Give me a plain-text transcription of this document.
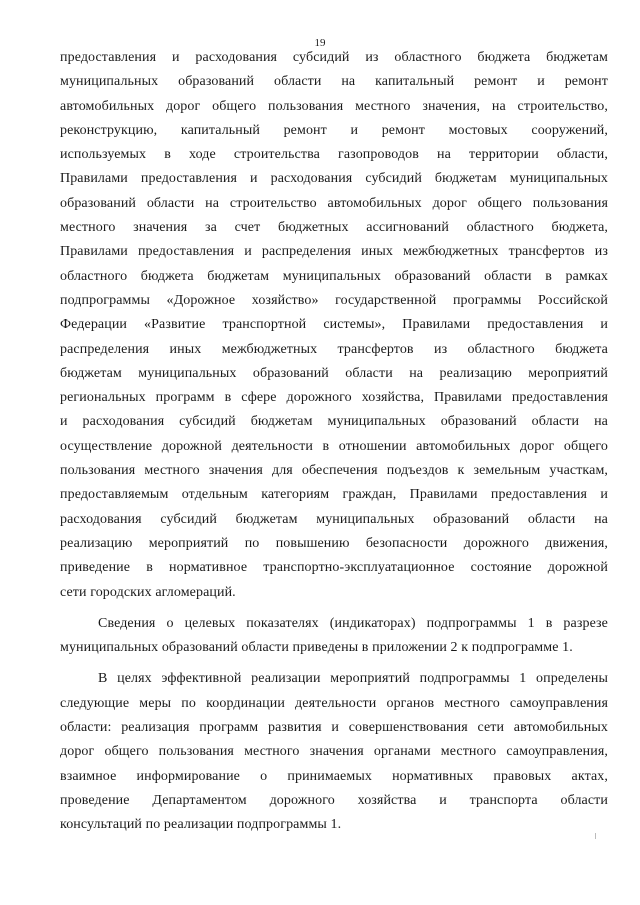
19
предоставления и расходования субсидий из областного бюджета бюджетам
муниципальных образований области на капитальный ремонт и ремонт
автомобильных дорог общего пользования местного значения, на строительство,
реконструкцию, капитальный ремонт и ремонт мостовых сооружений,
используемых в ходе строительства газопроводов на территории области,
Правилами предоставления и расходования субсидий бюджетам муниципальных
образований области на строительство автомобильных дорог общего пользования
местного значения за счет бюджетных ассигнований областного бюджета,
Правилами предоставления и распределения иных межбюджетных трансфертов из
областного бюджета бюджетам муниципальных образований области в рамках
подпрограммы «Дорожное хозяйство» государственной программы Российской
Федерации «Развитие транспортной системы», Правилами предоставления и
распределения иных межбюджетных трансфертов из областного бюджета
бюджетам муниципальных образований области на реализацию мероприятий
региональных программ в сфере дорожного хозяйства, Правилами предоставления
и расходования субсидий бюджетам муниципальных образований области на
осуществление дорожной деятельности в отношении автомобильных дорог общего
пользования местного значения для обеспечения подъездов к земельным участкам,
предоставляемым отдельным категориям граждан, Правилами предоставления и
расходования субсидий бюджетам муниципальных образований области на
реализацию мероприятий по повышению безопасности дорожного движения,
приведение в нормативное транспортно-эксплуатационное состояние дорожной
сети городских агломераций.
Сведения о целевых показателях (индикаторах) подпрограммы 1 в разрезе
муниципальных образований области приведены в приложении 2 к подпрограмме 1.
В целях эффективной реализации мероприятий подпрограммы 1 определены
следующие меры по координации деятельности органов местного самоуправления
области: реализация программ развития и совершенствования сети автомобильных
дорог общего пользования местного значения органами местного самоуправления,
взаимное информирование о принимаемых нормативных правовых актах,
проведение Департаментом дорожного хозяйства и транспорта области
консультаций по реализации подпрограммы 1.
